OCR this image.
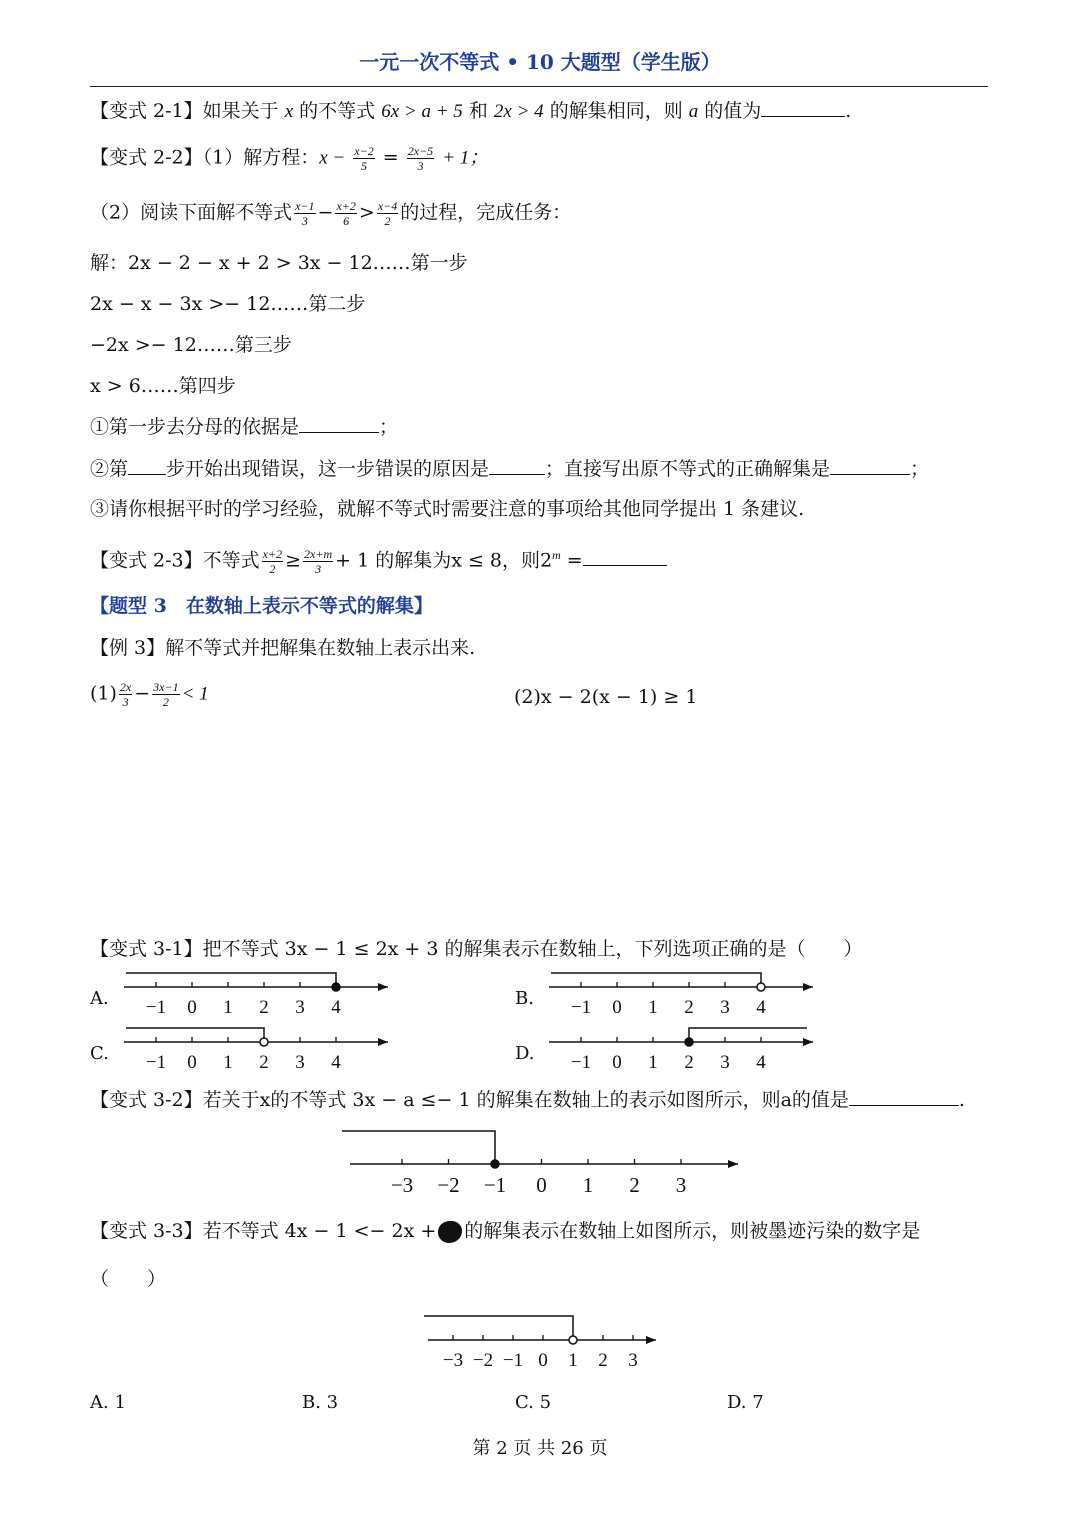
一元一次不等式 • 10 大题型（学生版）
【变式 2-1】如果关于 x 的不等式 6x > a + 5 和 2x > 4 的解集相同，则 a 的值为	.
【变式 2-2】（1）解方程：$x - \frac{x-2}{5} = \frac{2x-5}{3} + 1$；
（2）阅读下面解不等式 $\frac{x-1}{3} - \frac{x+2}{6} > \frac{x-4}{2}$ 的过程，完成任务：
解：2x − 2 − x + 2 > 3x − 12……第一步
2x − x − 3x >− 12……第二步
−2x >− 12……第三步
x > 6……第四步
①第一步去分母的依据是	；
②第 步开始出现错误，这一步错误的原因是	；直接写出原不等式的正确解集是	；
③请你根据平时的学习经验，就解不等式时需要注意的事项给其他同学提出 1 条建议.
【变式 2-3】不等式 $\frac{x+2}{2} \ge \frac{2x+m}{3} + 1$ 的解集为x ≤ 8，则$2^m$ =
【题型 3　在数轴上表示不等式的解集】
【例 3】解不等式并把解集在数轴上表示出来.
$(1) \frac{2x}{3} - \frac{3x-1}{2} < 1$	(2)x − 2(x − 1) ≥ 1
【变式 3-1】把不等式 3x − 1 ≤ 2x + 3 的解集表示在数轴上，下列选项正确的是（　　）
A.	B.
C.	D.
−1 0 1 2 3 4	−1 0 1 2 3 4
−1 0 1 2 3 4	−1 0 1 2 3 4
【变式 3-2】若关于x的不等式 3x − a ≤− 1 的解集在数轴上的表示如图所示，则a的值是	.
−3 −2 −1 0 1 2 3
【变式 3-3】若不等式 4x − 1 <− 2x + 的解集表示在数轴上如图所示，则被墨迹污染的数字是
（　　）
−3 −2 −1 0 1 2 3
A. 1	B. 3	C. 5	D. 7
第 2 页 共 26 页
